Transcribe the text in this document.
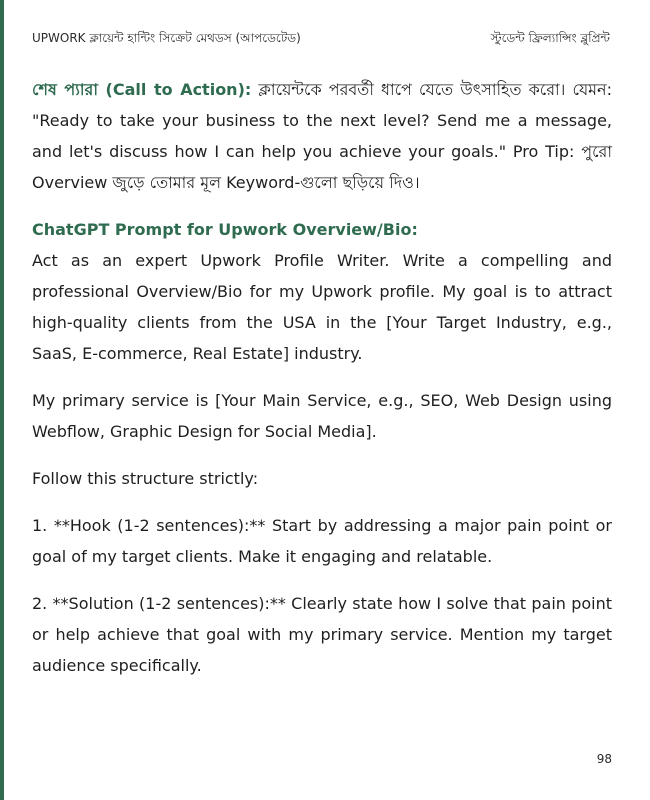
UPWORK ক্লায়েন্ট হান্টিং সিক্রেট মেথডস (আপডেটেড)	স্টুডেন্ট ফ্রিল্যান্সিং ব্লুপ্রিন্ট

শেষ প্যারা (Call to Action): ক্লায়েন্টকে পরবর্তী ধাপে যেতে উৎসাহিত করো। যেমন: "Ready to take your business to the next level? Send me a message, and let's discuss how I can help you achieve your goals." Pro Tip: পুরো Overview জুড়ে তোমার মূল Keyword-গুলো ছড়িয়ে দিও।

ChatGPT Prompt for Upwork Overview/Bio:
Act as an expert Upwork Profile Writer. Write a compelling and professional Overview/Bio for my Upwork profile. My goal is to attract high-quality clients from the USA in the [Your Target Industry, e.g., SaaS, E-commerce, Real Estate] industry.

My primary service is [Your Main Service, e.g., SEO, Web Design using Webflow, Graphic Design for Social Media].

Follow this structure strictly:

1. **Hook (1-2 sentences):** Start by addressing a major pain point or goal of my target clients. Make it engaging and relatable.

2. **Solution (1-2 sentences):** Clearly state how I solve that pain point or help achieve that goal with my primary service. Mention my target audience specifically.

98
